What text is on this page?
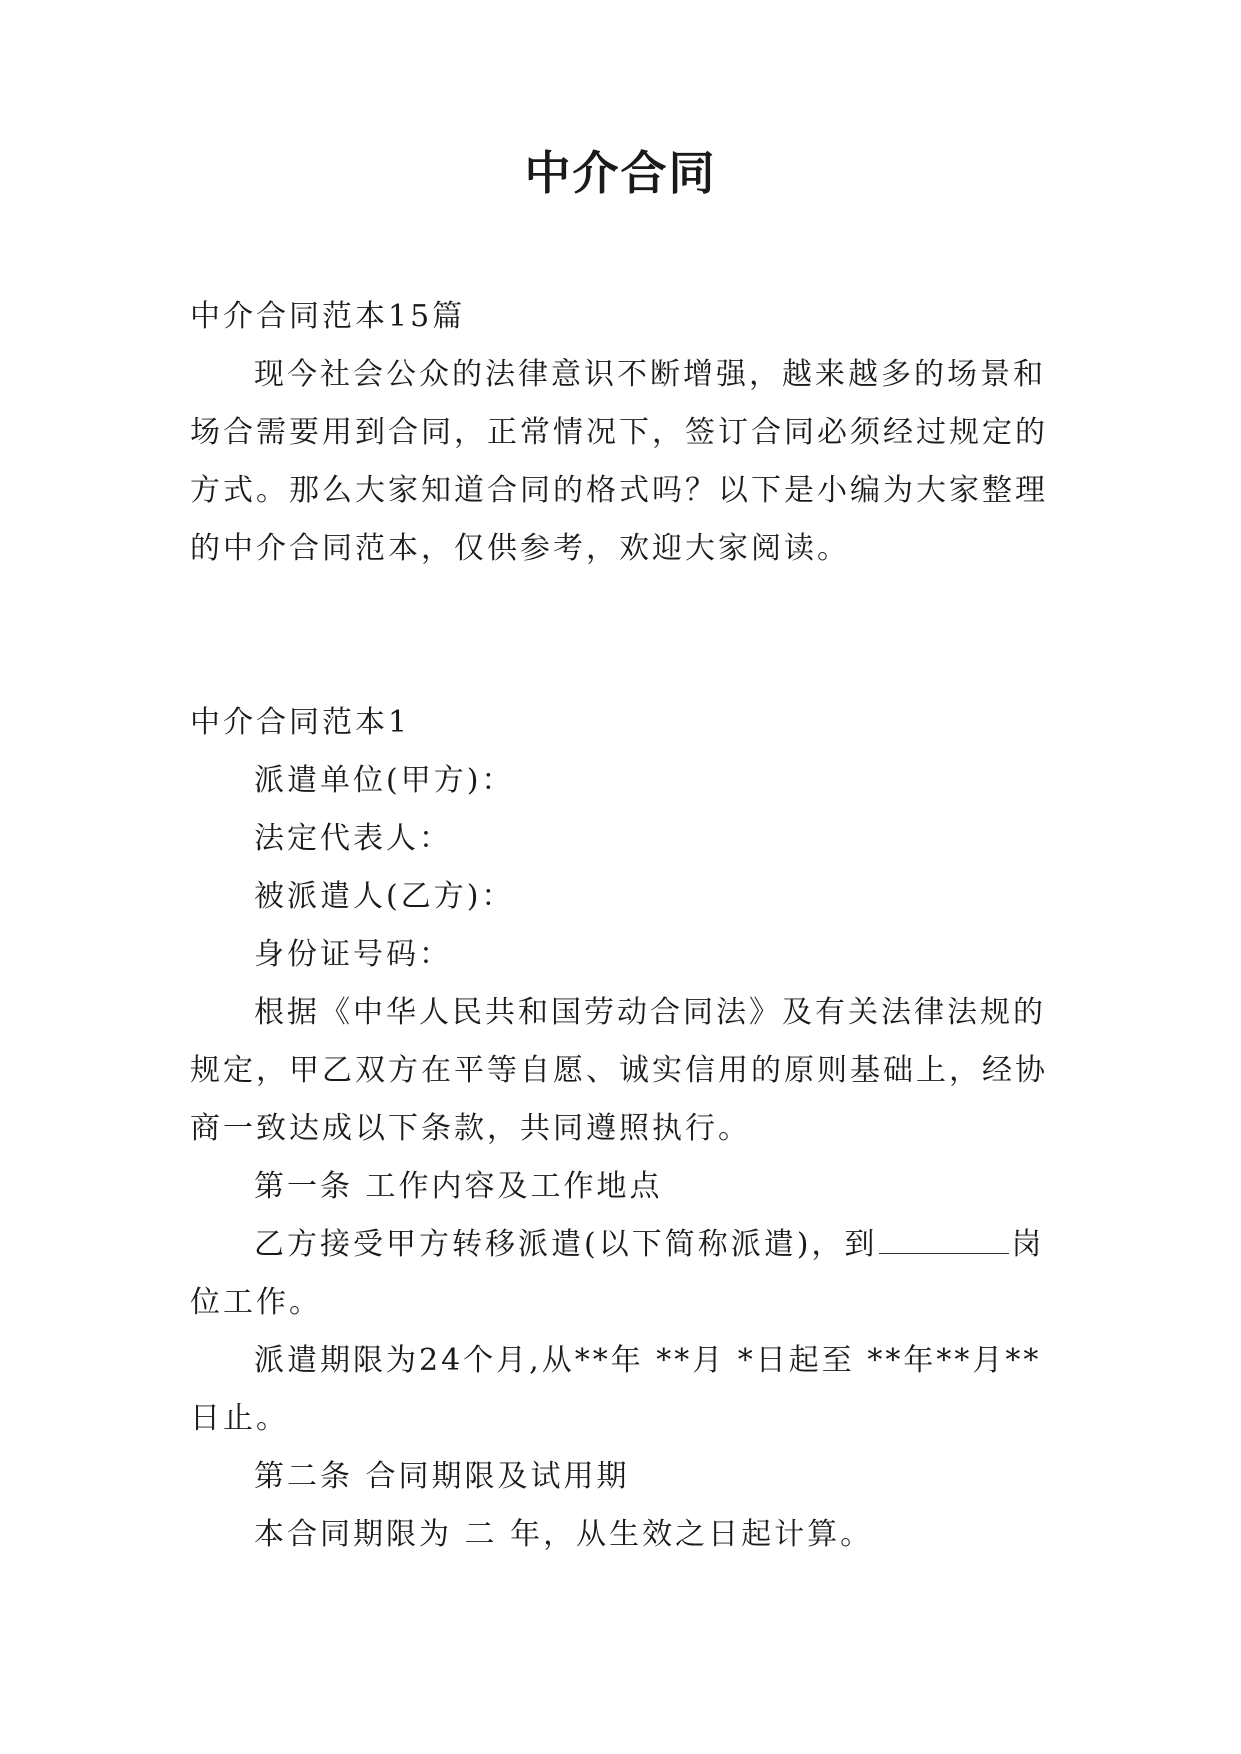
中介合同

中介合同范本15篇

现今社会公众的法律意识不断增强，越来越多的场景和场合需要用到合同，正常情况下，签订合同必须经过规定的方式。那么大家知道合同的格式吗？以下是小编为大家整理的中介合同范本，仅供参考，欢迎大家阅读。

中介合同范本1

派遣单位(甲方)：

法定代表人：

被派遣人(乙方)：

身份证号码：

根据《中华人民共和国劳动合同法》及有关法律法规的规定，甲乙双方在平等自愿、诚实信用的原则基础上，经协商一致达成以下条款，共同遵照执行。

第一条 工作内容及工作地点

乙方接受甲方转移派遣(以下简称派遣)，到	岗位工作。

派遣期限为24个月,从**年 **月 *日起至 **年**月**日止。

第二条 合同期限及试用期

本合同期限为 二 年，从生效之日起计算。
